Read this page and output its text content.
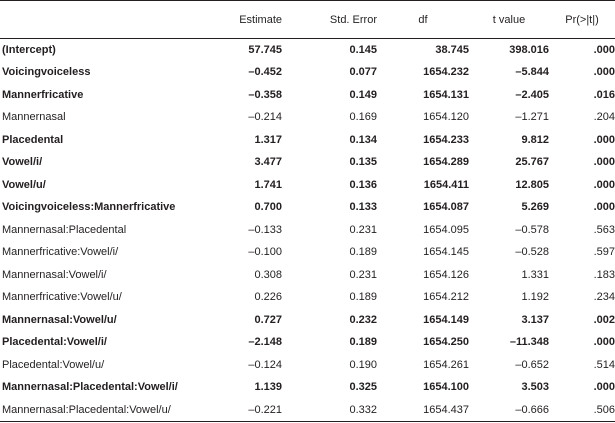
	Estimate	Std. Error	df	t value	Pr(>|t|)
(Intercept)	57.745	0.145	38.745	398.016	.000
Voicingvoiceless	–0.452	0.077	1654.232	–5.844	.000
Mannerfricative	–0.358	0.149	1654.131	–2.405	.016
Mannernasal	–0.214	0.169	1654.120	–1.271	.204
Placedental	1.317	0.134	1654.233	9.812	.000
Vowel/i/	3.477	0.135	1654.289	25.767	.000
Vowel/u/	1.741	0.136	1654.411	12.805	.000
Voicingvoiceless:Mannerfricative	0.700	0.133	1654.087	5.269	.000
Mannernasal:Placedental	–0.133	0.231	1654.095	–0.578	.563
Mannerfricative:Vowel/i/	–0.100	0.189	1654.145	–0.528	.597
Mannernasal:Vowel/i/	0.308	0.231	1654.126	1.331	.183
Mannerfricative:Vowel/u/	0.226	0.189	1654.212	1.192	.234
Mannernasal:Vowel/u/	0.727	0.232	1654.149	3.137	.002
Placedental:Vowel/i/	–2.148	0.189	1654.250	–11.348	.000
Placedental:Vowel/u/	–0.124	0.190	1654.261	–0.652	.514
Mannernasal:Placedental:Vowel/i/	1.139	0.325	1654.100	3.503	.000
Mannernasal:Placedental:Vowel/u/	–0.221	0.332	1654.437	–0.666	.506
